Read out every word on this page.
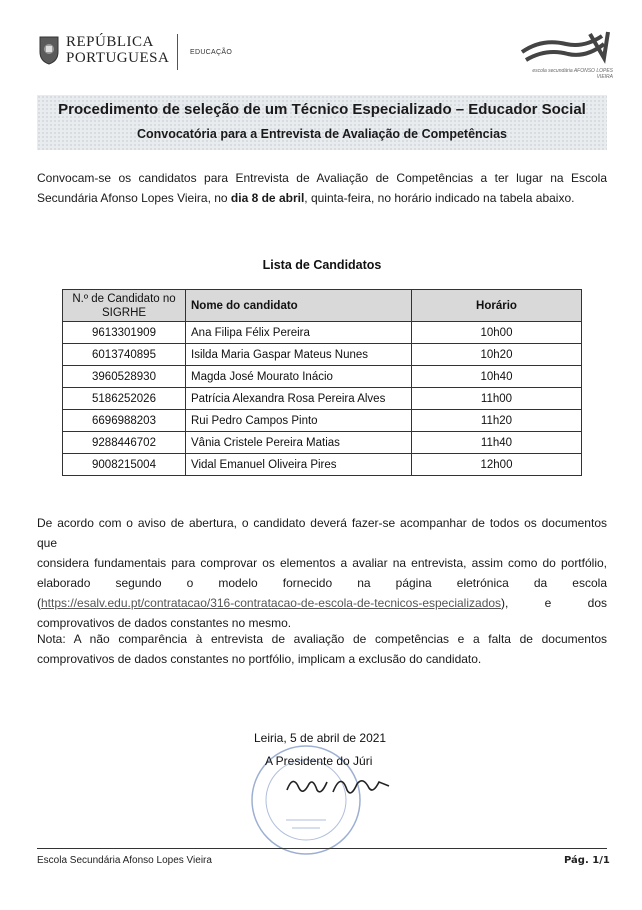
REPÚBLICA
PORTUGUESA	EDUCAÇÃO
escola secundária AFONSO LOPES VIEIRA
Procedimento de seleção de um Técnico Especializado – Educador Social
Convocatória para a Entrevista de Avaliação de Competências
Convocam-se os candidatos para Entrevista de Avaliação de Competências a ter lugar na Escola Secundária Afonso Lopes Vieira, no dia 8 de abril, quinta-feira, no horário indicado na tabela abaixo.
Lista de Candidatos
N.º de Candidato no SIGRHE	Nome do candidato	Horário
9613301909	Ana Filipa Félix Pereira	10h00
6013740895	Isilda Maria Gaspar Mateus Nunes	10h20
3960528930	Magda José Mourato Inácio	10h40
5186252026	Patrícia Alexandra Rosa Pereira Alves	11h00
6696988203	Rui Pedro Campos Pinto	11h20
9288446702	Vânia Cristele Pereira Matias	11h40
9008215004	Vidal Emanuel Oliveira Pires	12h00
De acordo com o aviso de abertura, o candidato deverá fazer-se acompanhar de todos os documentos que
considera fundamentais para comprovar os elementos a avaliar na entrevista, assim como do portfólio,
elaborado segundo o modelo fornecido na página eletrónica da escola
(https://esalv.edu.pt/contratacao/316-contratacao-de-escola-de-tecnicos-especializados), e dos
comprovativos de dados constantes no mesmo.
Nota: A não comparência à entrevista de avaliação de competências e a falta de documentos
comprovativos de dados constantes no portfólio, implicam a exclusão do candidato.
Leiria, 5 de abril de 2021
A Presidente do Júri
Escola Secundária Afonso Lopes Vieira	Pág. 1/1
